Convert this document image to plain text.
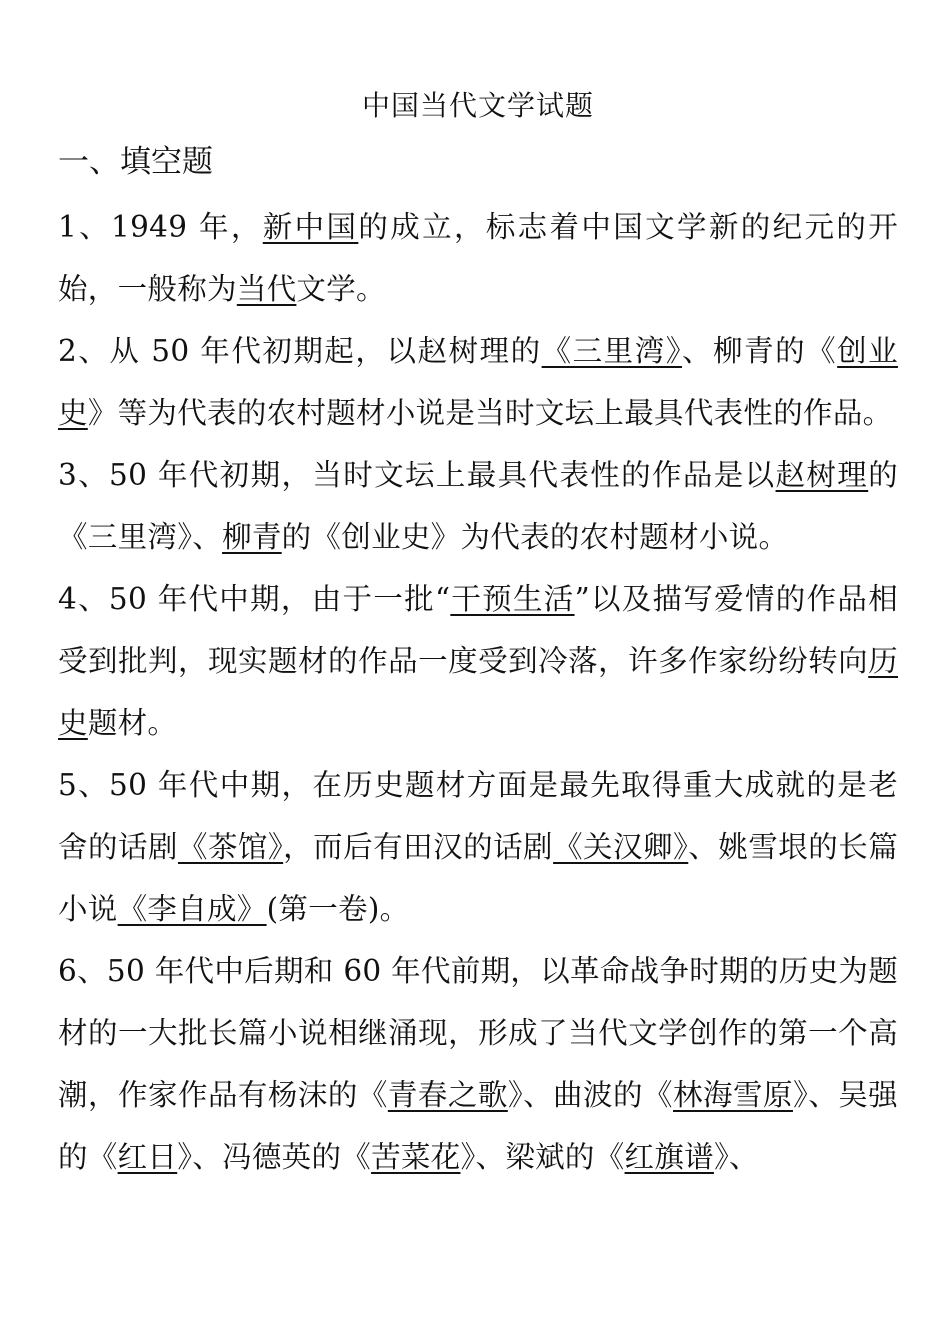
中国当代文学试题
一、填空题

1、1949 年，新中国的成立，标志着中国文学新的纪元的开始，一般称为当代文学。

2、从 50 年代初期起，以赵树理的《三里湾》、柳青的《创业史》等为代表的农村题材小说是当时文坛上最具代表性的作品。

3、50 年代初期，当时文坛上最具代表性的作品是以赵树理的《三里湾》、柳青的《创业史》为代表的农村题材小说。

4、50 年代中期，由于一批“干预生活”以及描写爱情的作品相受到批判，现实题材的作品一度受到冷落，许多作家纷纷转向历史题材。

5、50 年代中期，在历史题材方面是最先取得重大成就的是老舍的话剧《茶馆》，而后有田汉的话剧《关汉卿》、姚雪垠的长篇小说《李自成》(第一卷)。

6、50 年代中后期和 60 年代前期，以革命战争时期的历史为题材的一大批长篇小说相继涌现，形成了当代文学创作的第一个高潮，作家作品有杨沫的《青春之歌》、曲波的《林海雪原》、吴强的《红日》、冯德英的《苦菜花》、梁斌的《红旗谱》、
